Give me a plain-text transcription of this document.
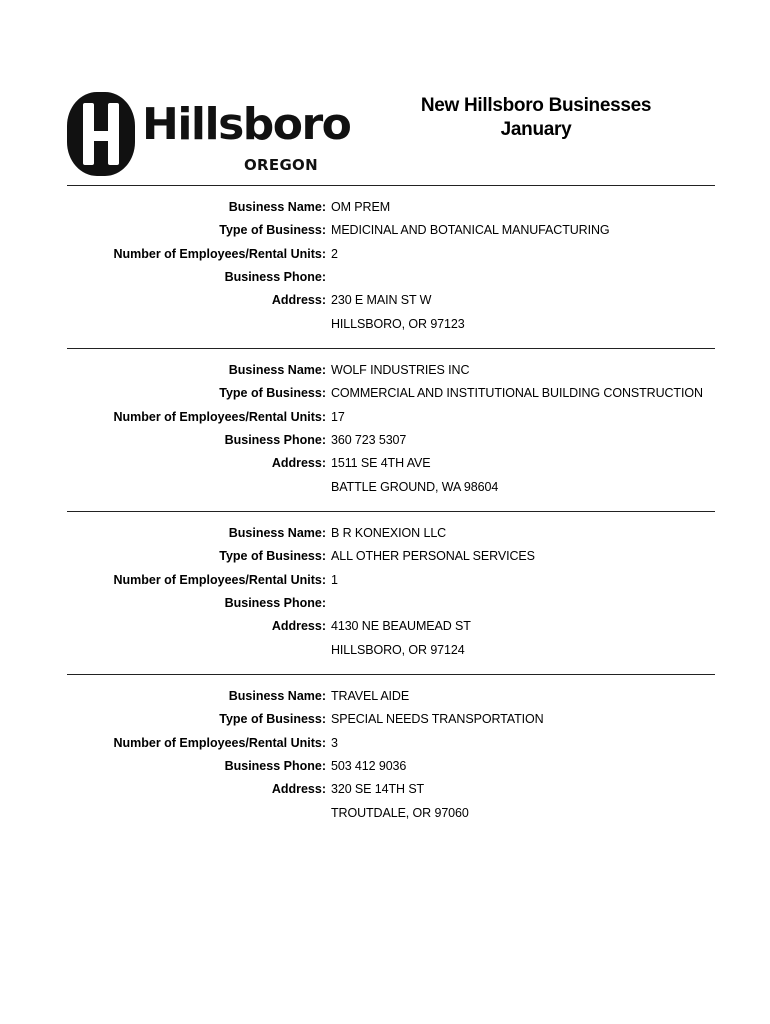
Hillsboro
OREGON
New Hillsboro Businesses
January
Business Name: OM PREM
Type of Business: MEDICINAL AND BOTANICAL MANUFACTURING
Number of Employees/Rental Units: 2
Business Phone:
Address: 230 E MAIN ST W
HILLSBORO, OR 97123
Business Name: WOLF INDUSTRIES INC
Type of Business: COMMERCIAL AND INSTITUTIONAL BUILDING CONSTRUCTION
Number of Employees/Rental Units: 17
Business Phone: 360 723 5307
Address: 1511 SE 4TH AVE
BATTLE GROUND, WA 98604
Business Name: B R KONEXION LLC
Type of Business: ALL OTHER PERSONAL SERVICES
Number of Employees/Rental Units: 1
Business Phone:
Address: 4130 NE BEAUMEAD ST
HILLSBORO, OR 97124
Business Name: TRAVEL AIDE
Type of Business: SPECIAL NEEDS TRANSPORTATION
Number of Employees/Rental Units: 3
Business Phone: 503 412 9036
Address: 320 SE 14TH ST
TROUTDALE, OR 97060
